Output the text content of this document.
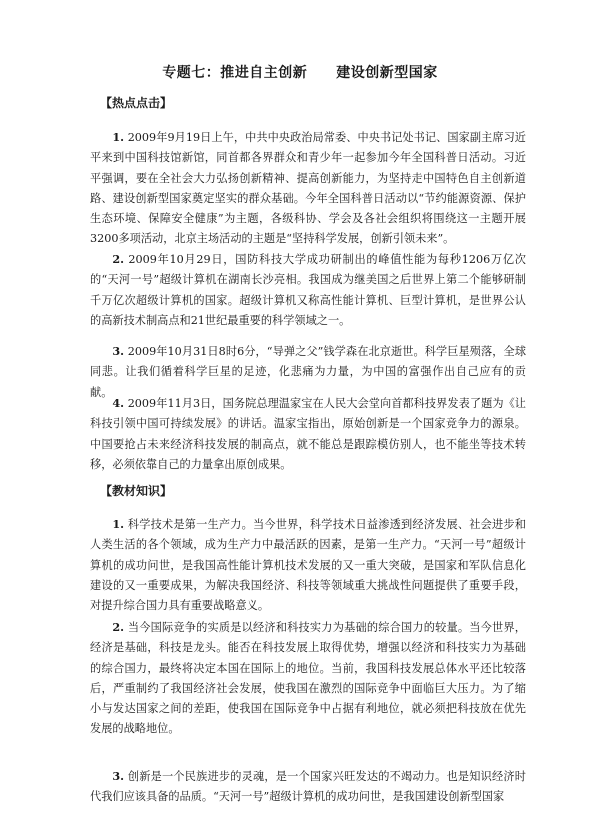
专题七：推进自主创新　　建设创新型国家
【热点点击】
1. 2009年9月19日上午，中共中央政治局常委、中央书记处书记、国家副主席习近平来到中国科技馆新馆，同首都各界群众和青少年一起参加今年全国科普日活动。习近平强调，要在全社会大力弘扬创新精神、提高创新能力，为坚持走中国特色自主创新道路、建设创新型国家奠定坚实的群众基础。今年全国科普日活动以“节约能源资源、保护生态环境、保障安全健康”为主题，各级科协、学会及各社会组织将围绕这一主题开展3200多项活动，北京主场活动的主题是“坚持科学发展，创新引领未来”。
2. 2009年10月29日，国防科技大学成功研制出的峰值性能为每秒1206万亿次的“天河一号”超级计算机在湖南长沙亮相。我国成为继美国之后世界上第二个能够研制千万亿次超级计算机的国家。超级计算机又称高性能计算机、巨型计算机，是世界公认的高新技术制高点和21世纪最重要的科学领域之一。
3. 2009年10月31日8时6分，“导弹之父”钱学森在北京逝世。科学巨星殒落，全球同悲。让我们循着科学巨星的足迹，化悲痛为力量，为中国的富强作出自己应有的贡献。
4. 2009年11月3日，国务院总理温家宝在人民大会堂向首都科技界发表了题为《让科技引领中国可持续发展》的讲话。温家宝指出，原始创新是一个国家竞争力的源泉。中国要抢占未来经济科技发展的制高点，就不能总是跟踪模仿别人，也不能坐等技术转移，必须依靠自己的力量拿出原创成果。
【教材知识】
1. 科学技术是第一生产力。当今世界，科学技术日益渗透到经济发展、社会进步和人类生活的各个领域，成为生产力中最活跃的因素，是第一生产力。“天河一号”超级计算机的成功问世，是我国高性能计算机技术发展的又一重大突破，是国家和军队信息化建设的又一重要成果，为解决我国经济、科技等领域重大挑战性问题提供了重要手段，对提升综合国力具有重要战略意义。
2. 当今国际竞争的实质是以经济和科技实力为基础的综合国力的较量。当今世界，经济是基础，科技是龙头。能否在科技发展上取得优势，增强以经济和科技实力为基础的综合国力，最终将决定本国在国际上的地位。当前，我国科技发展总体水平还比较落后，严重制约了我国经济社会发展，使我国在激烈的国际竞争中面临巨大压力。为了缩小与发达国家之间的差距，使我国在国际竞争中占据有利地位，就必须把科技放在优先发展的战略地位。
3. 创新是一个民族进步的灵魂，是一个国家兴旺发达的不竭动力。也是知识经济时代我们应该具备的品质。“天河一号”超级计算机的成功问世，是我国建设创新型国家
